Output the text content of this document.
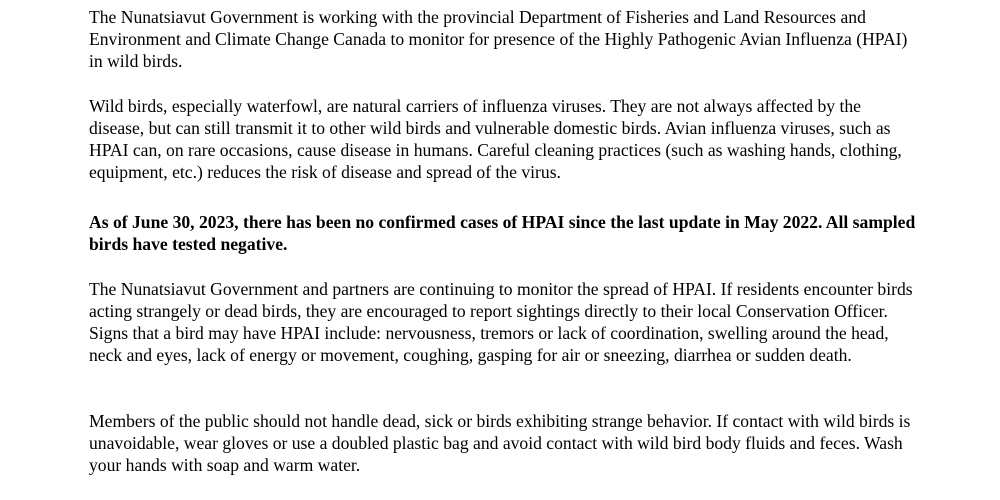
The Nunatsiavut Government is working with the provincial Department of Fisheries and Land Resources and Environment and Climate Change Canada to monitor for presence of the Highly Pathogenic Avian Influenza (HPAI) in wild birds.

Wild birds, especially waterfowl, are natural carriers of influenza viruses. They are not always affected by the disease, but can still transmit it to other wild birds and vulnerable domestic birds. Avian influenza viruses, such as HPAI can, on rare occasions, cause disease in humans. Careful cleaning practices (such as washing hands, clothing, equipment, etc.) reduces the risk of disease and spread of the virus.

As of June 30, 2023, there has been no confirmed cases of HPAI since the last update in May 2022. All sampled birds have tested negative.

The Nunatsiavut Government and partners are continuing to monitor the spread of HPAI. If residents encounter birds acting strangely or dead birds, they are encouraged to report sightings directly to their local Conservation Officer. Signs that a bird may have HPAI include: nervousness, tremors or lack of coordination, swelling around the head, neck and eyes, lack of energy or movement, coughing, gasping for air or sneezing, diarrhea or sudden death.

Members of the public should not handle dead, sick or birds exhibiting strange behavior. If contact with wild birds is unavoidable, wear gloves or use a doubled plastic bag and avoid contact with wild bird body fluids and feces. Wash your hands with soap and warm water.
